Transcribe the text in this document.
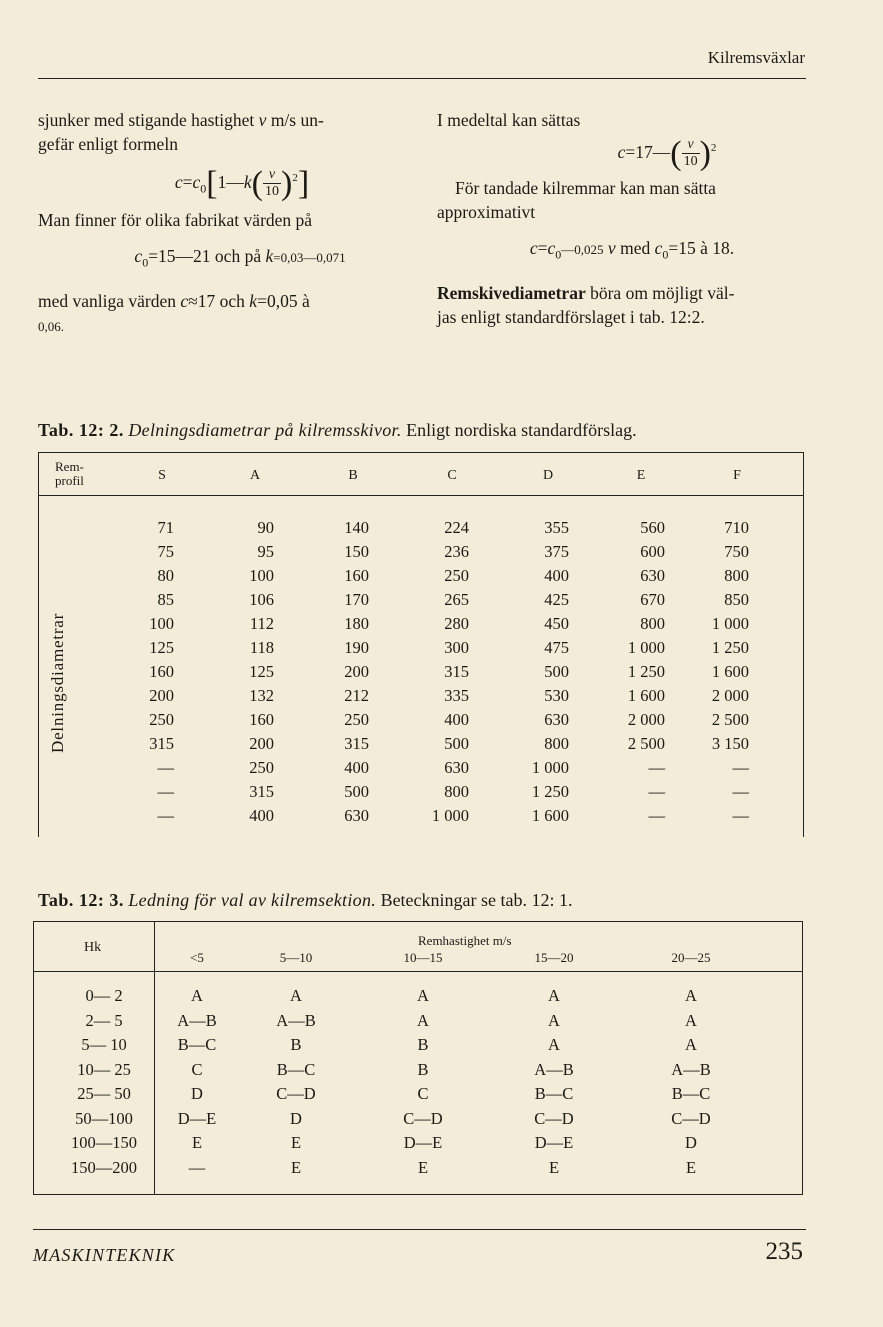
Kilremsväxlar

sjunker med stigande hastighet v m/s un-
gefär enligt formeln

$c=c_0[1—k( \frac{v}{10} )^2]$

Man finner för olika fabrikat värden på

$c_0=15—21$ och på k=0,03—0,071

med vanliga värden c≈17 och k=0,05 à
0,06.

I medeltal kan sättas

c=17—( $\frac{v}{10} )^2$

För tandade kilremmar kan man sätta approximativt

$c=c_0—0,025$ v med $c_0=15$ à 18.

Remskivediametrar böra om möjligt väl-
jas enligt standardförslaget i tab. 12:2.

Tab. 12: 2. Delningsdiametrar på kilremsskivor. Enligt nordiska standardförslag.
Rem-
profil	S	A	B	C	D	E	F
Delningsdiametrar
71	90	140	224	355	560	710
75	95	150	236	375	600	750
80	100	160	250	400	630	800
85	106	170	265	425	670	850
100	112	180	280	450	800	1 000
125	118	190	300	475	1 000	1 250
160	125	200	315	500	1 250	1 600
200	132	212	335	530	1 600	2 000
250	160	250	400	630	2 000	2 500
315	200	315	500	800	2 500	3 150
—	250	400	630	1 000	—	—
—	315	500	800	1 250	—	—
—	400	630	1 000	1 600	—	—
Tab. 12: 3. Ledning för val av kilremsektion. Beteckningar se tab. 12: 1.
Hk	Remhastighet m/s
<5	5—10	10—15	15—20	20—25
0— 2	A	A	A	A	A
2— 5	A—B	A—B	A	A	A
5— 10	B—C	B	B	A	A
10— 25	C	B—C	B	A—B	A—B
25— 50	D	C—D	C	B—C	B—C
50—100	D—E	D	C—D	C—D	C—D
100—150	E	E	D—E	D—E	D
150—200	—	E	E	E	E
MASKINTEKNIK	235
